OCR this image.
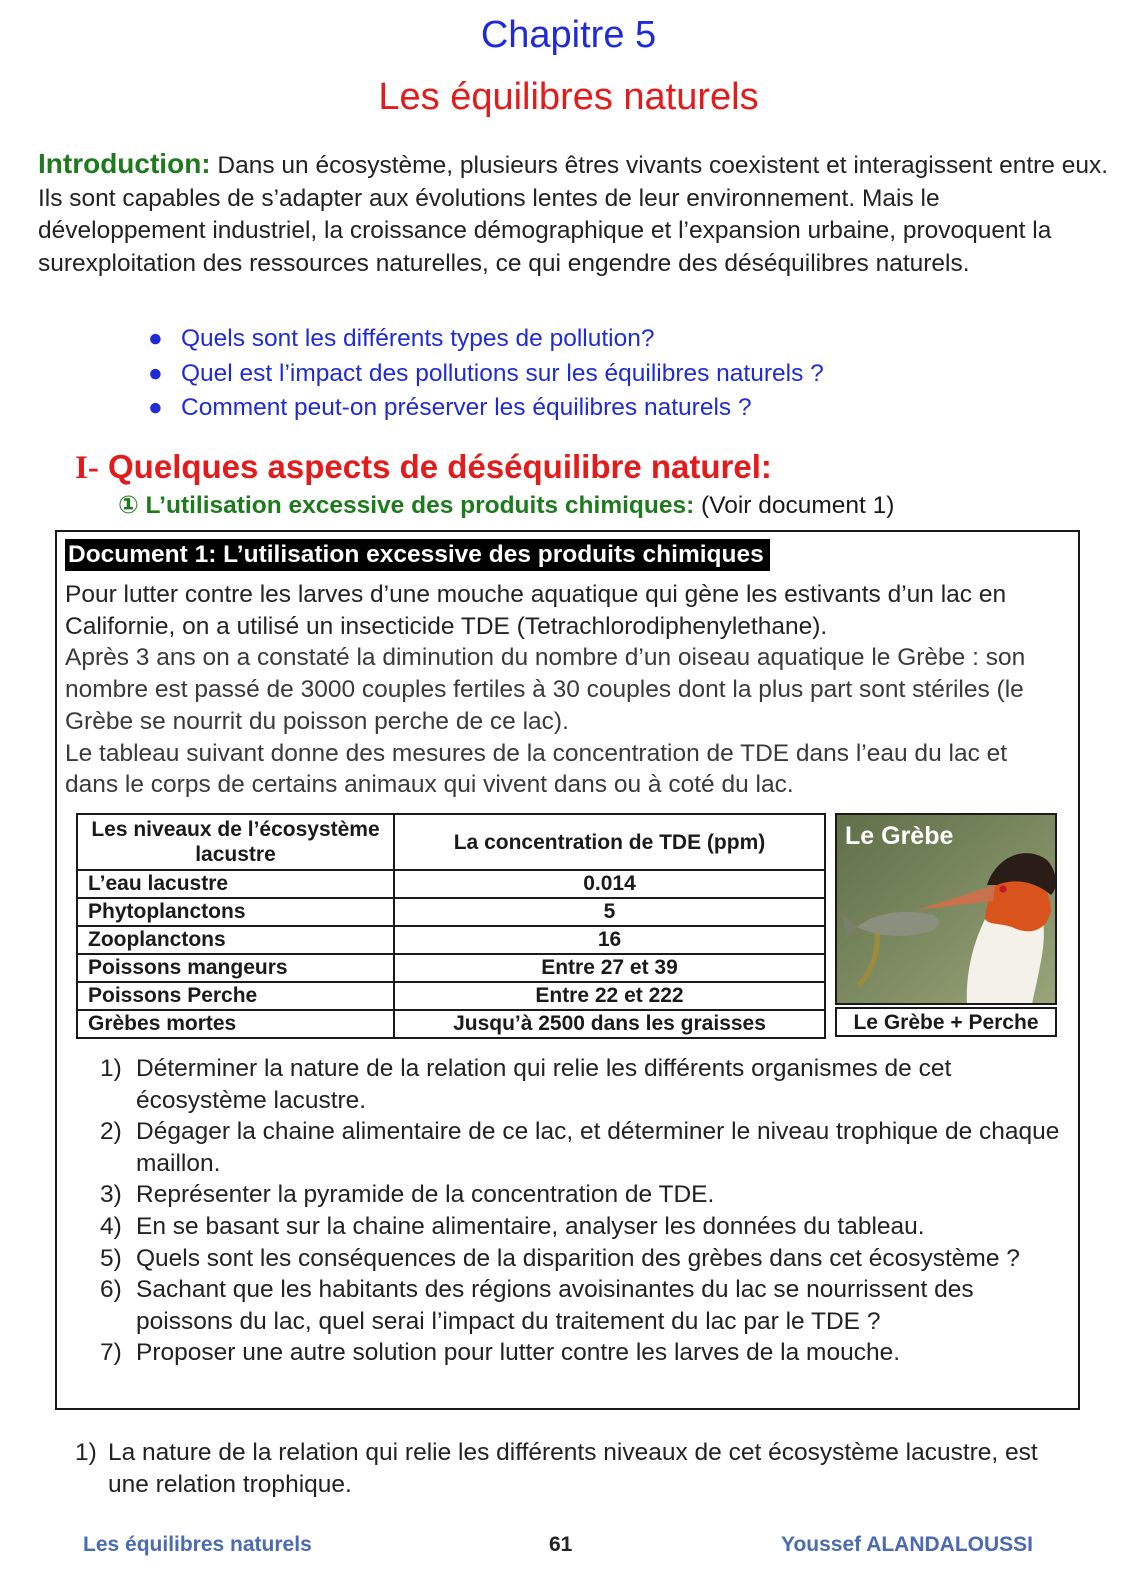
Chapitre 5
Les équilibres naturels
Introduction: Dans un écosystème, plusieurs êtres vivants coexistent et interagissent entre eux. Ils sont capables de s’adapter aux évolutions lentes de leur environnement. Mais le développement industriel, la croissance démographique et l’expansion urbaine, provoquent la surexploitation des ressources naturelles, ce qui engendre des déséquilibres naturels.
● Quels sont les différents types de pollution?
● Quel est l’impact des pollutions sur les équilibres naturels ?
● Comment peut-on préserver les équilibres naturels ?
I- Quelques aspects de déséquilibre naturel:
① L’utilisation excessive des produits chimiques: (Voir document 1)
Document 1: L’utilisation excessive des produits chimiques
Pour lutter contre les larves d’une mouche aquatique qui gène les estivants d’un lac en Californie, on a utilisé un insecticide TDE (Tetrachlorodiphenylethane).
Après 3 ans on a constaté la diminution du nombre d’un oiseau aquatique le Grèbe : son nombre est passé de 3000 couples fertiles à 30 couples dont la plus part sont stériles (le Grèbe se nourrit du poisson perche de ce lac).
Le tableau suivant donne des mesures de la concentration de TDE dans l’eau du lac et dans le corps de certains animaux qui vivent dans ou à coté du lac.
Les niveaux de l’écosystème lacustre	La concentration de TDE (ppm)
L’eau lacustre	0.014
Phytoplanctons	5
Zooplanctons	16
Poissons mangeurs	Entre 27 et 39
Poissons Perche	Entre 22 et 222
Grèbes mortes	Jusqu’à 2500 dans les graisses
Le Grèbe
Le Grèbe + Perche
1) Déterminer la nature de la relation qui relie les différents organismes de cet écosystème lacustre.
2) Dégager la chaine alimentaire de ce lac, et déterminer le niveau trophique de chaque maillon.
3) Représenter la pyramide de la concentration de TDE.
4) En se basant sur la chaine alimentaire, analyser les données du tableau.
5) Quels sont les conséquences de la disparition des grèbes dans cet écosystème ?
6) Sachant que les habitants des régions avoisinantes du lac se nourrissent des poissons du lac, quel serai l’impact du traitement du lac par le TDE ?
7) Proposer une autre solution pour lutter contre les larves de la mouche.
1) La nature de la relation qui relie les différents niveaux de cet écosystème lacustre, est une relation trophique.
Les équilibres naturels	61	Youssef ALANDALOUSSI
